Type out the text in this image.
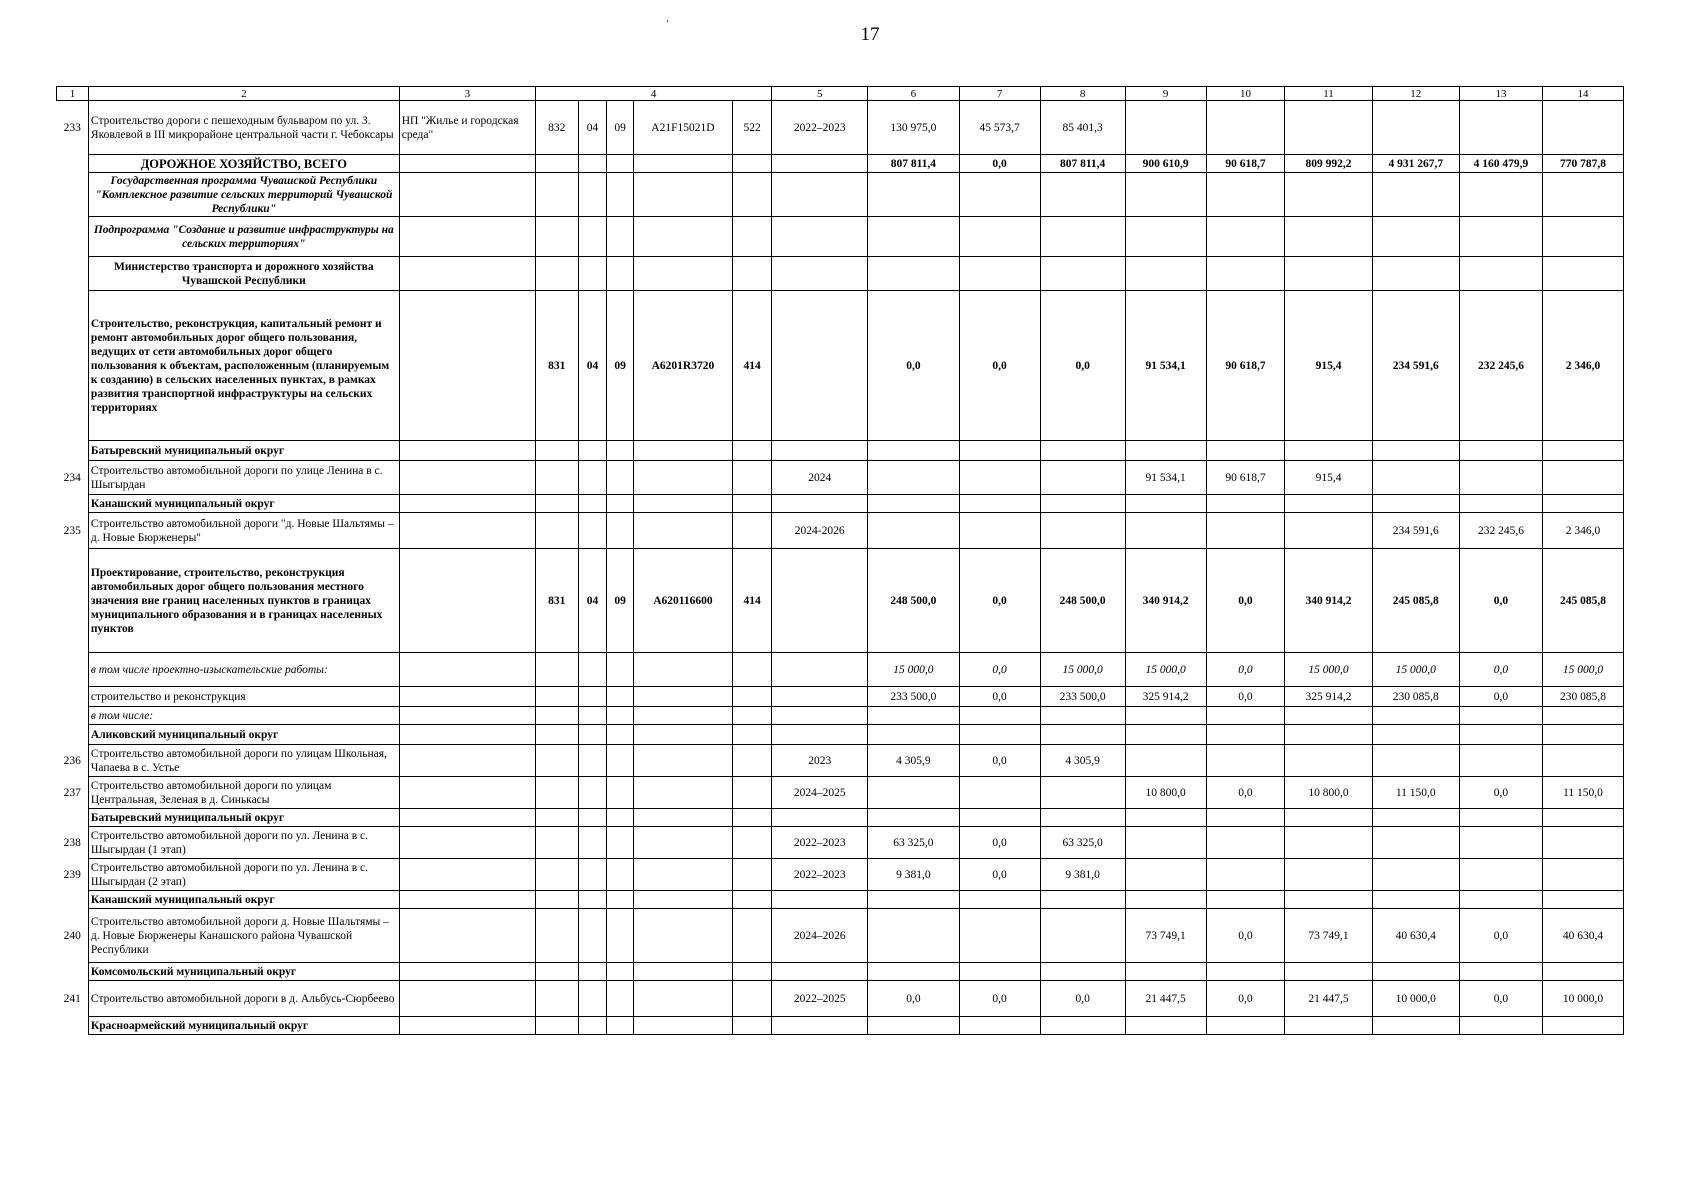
‘
17
1	2	3	4					5	6	7	8	9	10	11	12	13	14
233	Строительство дороги с пешеходным бульваром по ул. З. Яковлевой в III микрорайоне центральной части г. Чебоксары	НП "Жилье и городская среда"	832	04	09	A21F15021D	522	2022–2023	130 975,0	45 573,7	85 401,3						
	ДОРОЖНОЕ ХОЗЯЙСТВО, ВСЕГО								807 811,4	0,0	807 811,4	900 610,9	90 618,7	809 992,2	4 931 267,7	4 160 479,9	770 787,8
	Государственная программа Чувашской Республики "Комплексное развитие сельских территорий Чувашской Республики"																
	Подпрограмма "Создание и развитие инфраструктуры на сельских территориях"																
	Министерство транспорта и дорожного хозяйства Чувашской Республики																
	Строительство, реконструкция, капитальный ремонт и ремонт автомобильных дорог общего пользования, ведущих от сети автомобильных дорог общего пользования к объектам, расположенным (планируемым к созданию) в сельских населенных пунктах, в рамках развития транспортной инфраструктуры на сельских территориях		831	04	09	A6201R3720	414		0,0	0,0	0,0	91 534,1	90 618,7	915,4	234 591,6	232 245,6	2 346,0
	Батыревский муниципальный округ																
234	Строительство автомобильной дороги по улице Ленина в с. Шыгырдан							2024				91 534,1	90 618,7	915,4			
	Канашский муниципальный округ																
235	Строительство автомобильной дороги "д. Новые Шальтямы – д. Новые Бюрженеры"							2024-2026							234 591,6	232 245,6	2 346,0
	Проектирование, строительство, реконструкция автомобильных дорог общего пользования местного значения вне границ населенных пунктов в границах муниципального образования и в границах населенных пунктов		831	04	09	A620116600	414		248 500,0	0,0	248 500,0	340 914,2	0,0	340 914,2	245 085,8	0,0	245 085,8
	в том числе проектно-изыскательские работы:								15 000,0	0,0	15 000,0	15 000,0	0,0	15 000,0	15 000,0	0,0	15 000,0
	строительство и реконструкция								233 500,0	0,0	233 500,0	325 914,2	0,0	325 914,2	230 085,8	0,0	230 085,8
	в том числе:																
	Аликовский муниципальный округ																
236	Строительство автомобильной дороги по улицам Школьная, Чапаева в с. Устье							2023	4 305,9	0,0	4 305,9						
237	Строительство автомобильной дороги по улицам Центральная, Зеленая в д. Синькасы							2024–2025				10 800,0	0,0	10 800,0	11 150,0	0,0	11 150,0
	Батыревский муниципальный округ																
238	Строительство автомобильной дороги по ул. Ленина в с. Шыгырдан (1 этап)							2022–2023	63 325,0	0,0	63 325,0						
239	Строительство автомобильной дороги по ул. Ленина в с. Шыгырдан (2 этап)							2022–2023	9 381,0	0,0	9 381,0						
	Канашский муниципальный округ																
240	Строительство автомобильной дороги д. Новые Шальтямы – д. Новые Бюрженеры Канашского района Чувашской Республики							2024–2026				73 749,1	0,0	73 749,1	40 630,4	0,0	40 630,4
	Комсомольский муниципальный округ																
241	Строительство автомобильной дороги в д. Альбусь-Сюрбеево							2022–2025	0,0	0,0	0,0	21 447,5	0,0	21 447,5	10 000,0	0,0	10 000,0
	Красноармейский муниципальный округ																
